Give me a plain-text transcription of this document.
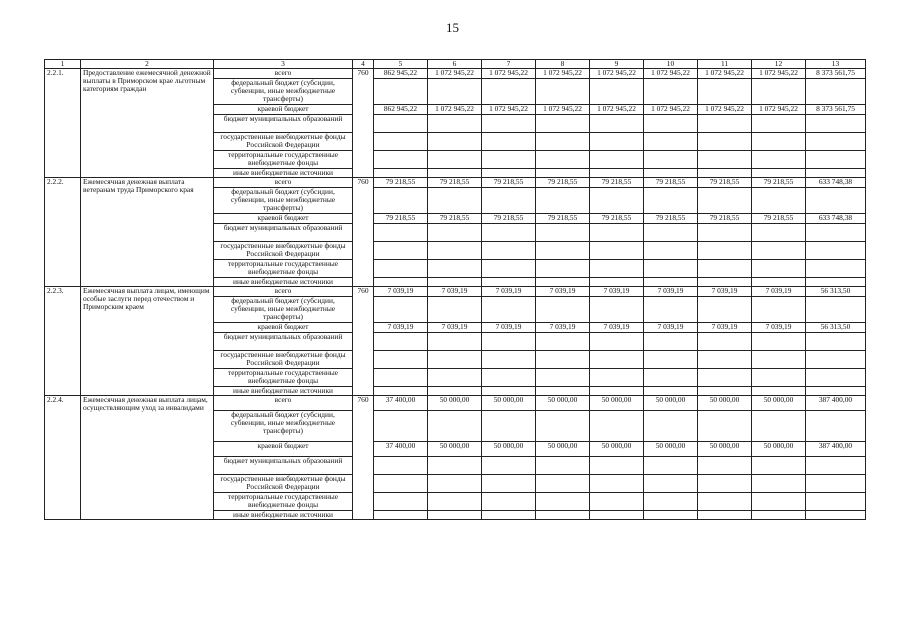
15
1	2	3	4	5	6	7	8	9	10	11	12	13
2.2.1.	Предоставление ежемесячной денежной выплаты в Приморском крае льготным категориям граждан	всего	760	862 945,22	1 072 945,22	1 072 945,22	1 072 945,22	1 072 945,22	1 072 945,22	1 072 945,22	1 072 945,22	8 373 561,75
		федеральный бюджет (субсидии, субвенции, иные межбюджетные трансферты)										
		краевой бюджет		862 945,22	1 072 945,22	1 072 945,22	1 072 945,22	1 072 945,22	1 072 945,22	1 072 945,22	1 072 945,22	8 373 561,75
		бюджет муниципальных образований										
		государственные внебюджетные фонды Российской Федерации										
		территориальные государственные внебюджетные фонды										
		иные внебюджетные источники										
2.2.2.	Ежемесячная денежная выплата ветеранам труда Приморского края	всего	760	79 218,55	79 218,55	79 218,55	79 218,55	79 218,55	79 218,55	79 218,55	79 218,55	633 748,38
		федеральный бюджет (субсидии, субвенции, иные межбюджетные трансферты)										
		краевой бюджет		79 218,55	79 218,55	79 218,55	79 218,55	79 218,55	79 218,55	79 218,55	79 218,55	633 748,38
		бюджет муниципальных образований										
		государственные внебюджетные фонды Российской Федерации										
		территориальные государственные внебюджетные фонды										
		иные внебюджетные источники										
2.2.3.	Ежемесячная выплата лицам, имеющим особые заслуги перед отечеством и Приморским краем	всего	760	7 039,19	7 039,19	7 039,19	7 039,19	7 039,19	7 039,19	7 039,19	7 039,19	56 313,50
		федеральный бюджет (субсидии, субвенции, иные межбюджетные трансферты)										
		краевой бюджет		7 039,19	7 039,19	7 039,19	7 039,19	7 039,19	7 039,19	7 039,19	7 039,19	56 313,50
		бюджет муниципальных образований										
		государственные внебюджетные фонды Российской Федерации										
		территориальные государственные внебюджетные фонды										
		иные внебюджетные источники										
2.2.4.	Ежемесячная денежная выплата лицам, осуществляющим уход за инвалидами	всего	760	37 400,00	50 000,00	50 000,00	50 000,00	50 000,00	50 000,00	50 000,00	50 000,00	387 400,00
		федеральный бюджет (субсидии, субвенции, иные межбюджетные трансферты)										
		краевой бюджет		37 400,00	50 000,00	50 000,00	50 000,00	50 000,00	50 000,00	50 000,00	50 000,00	387 400,00
		бюджет муниципальных образований										
		государственные внебюджетные фонды Российской Федерации										
		территориальные государственные внебюджетные фонды										
		иные внебюджетные источники										
